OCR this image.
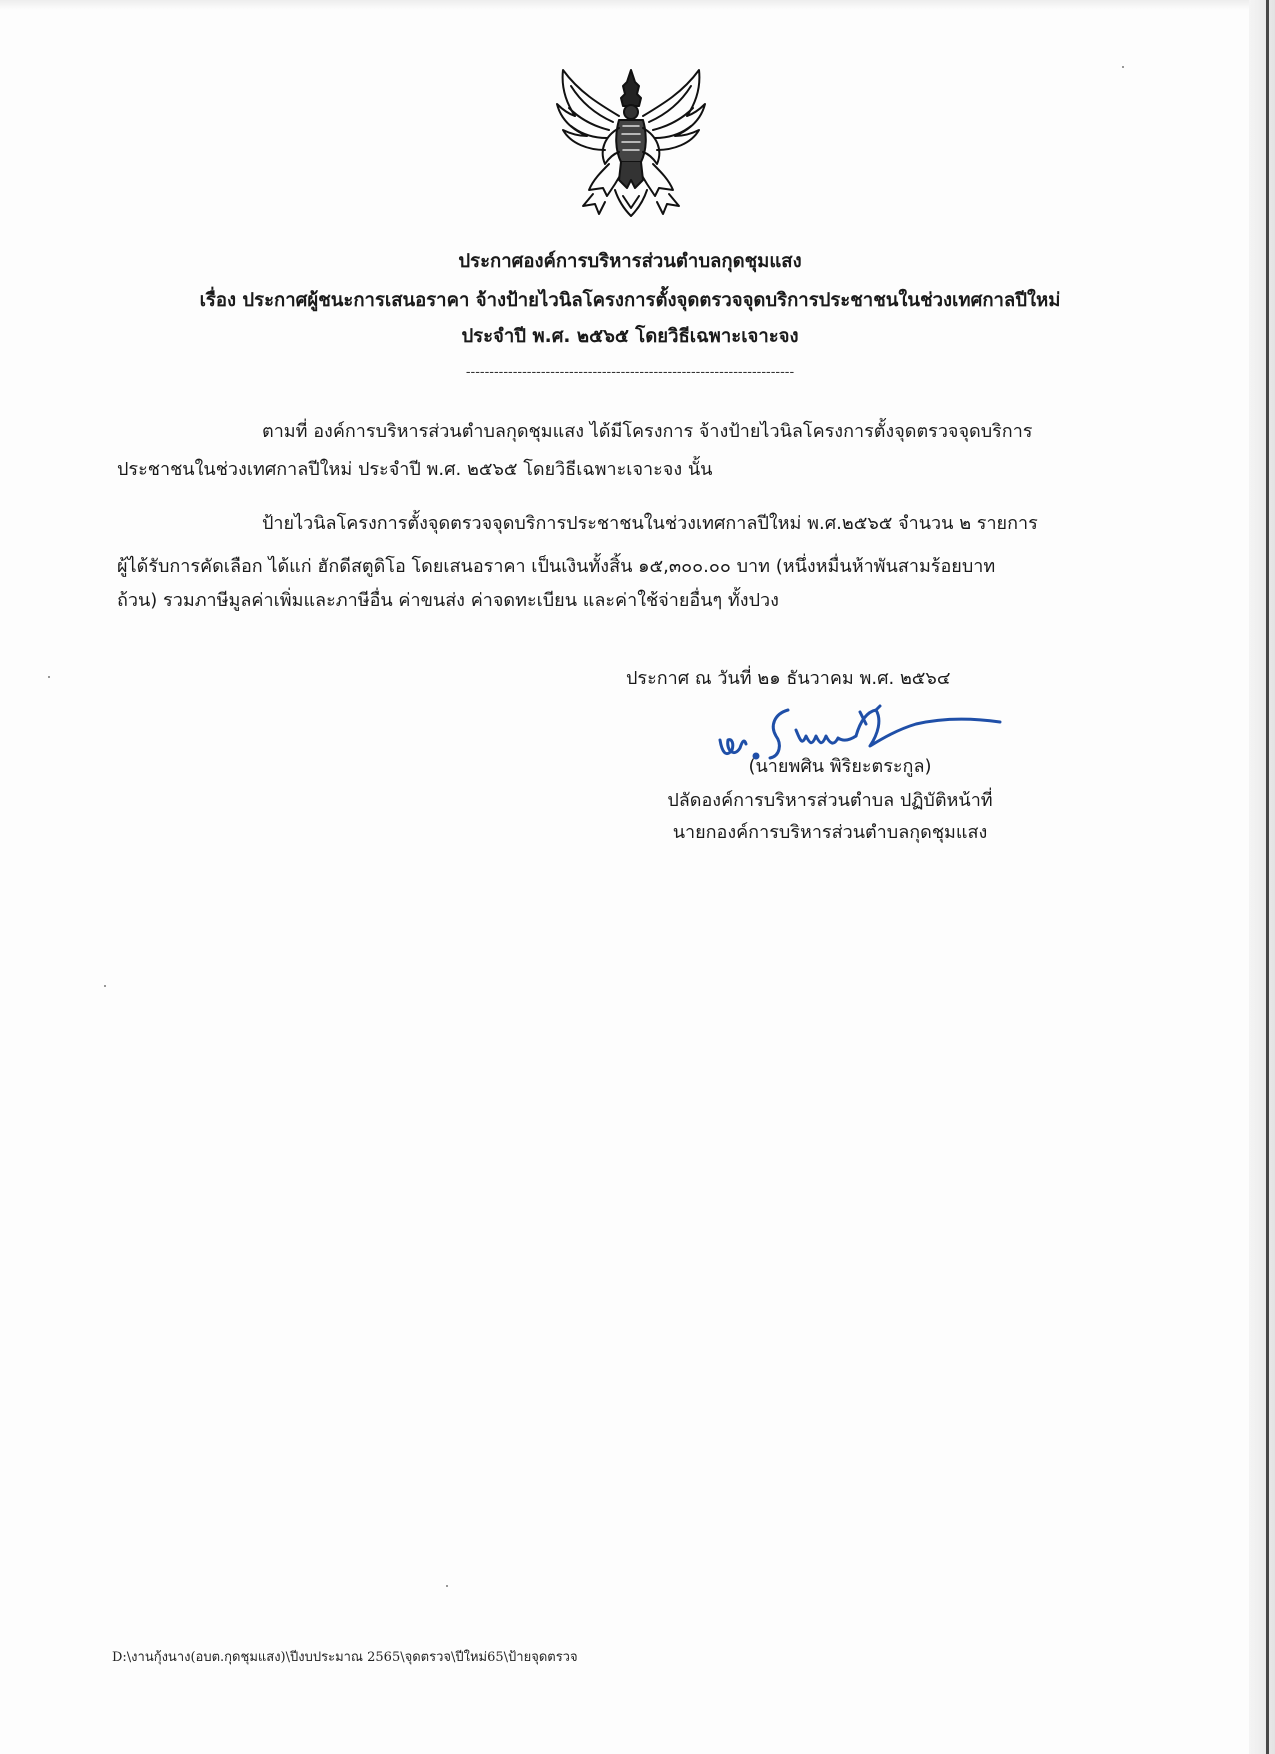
ประกาศองค์การบริหารส่วนตำบลกุดชุมแสง
เรื่อง ประกาศผู้ชนะการเสนอราคา จ้างป้ายไวนิลโครงการตั้งจุดตรวจจุดบริการประชาชนในช่วงเทศกาลปีใหม่
ประจำปี พ.ศ. ๒๕๖๕ โดยวิธีเฉพาะเจาะจง
----------------------------------------------------------------------
ตามที่ องค์การบริหารส่วนตำบลกุดชุมแสง ได้มีโครงการ จ้างป้ายไวนิลโครงการตั้งจุดตรวจจุดบริการ
ประชาชนในช่วงเทศกาลปีใหม่ ประจำปี พ.ศ. ๒๕๖๕ โดยวิธีเฉพาะเจาะจง นั้น
ป้ายไวนิลโครงการตั้งจุดตรวจจุดบริการประชาชนในช่วงเทศกาลปีใหม่ พ.ศ.๒๕๖๕ จำนวน ๒ รายการ
ผู้ได้รับการคัดเลือก ได้แก่ ฮักดีสตูดิโอ โดยเสนอราคา เป็นเงินทั้งสิ้น ๑๕,๓๐๐.๐๐ บาท (หนึ่งหมื่นห้าพันสามร้อยบาท
ถ้วน) รวมภาษีมูลค่าเพิ่มและภาษีอื่น ค่าขนส่ง ค่าจดทะเบียน และค่าใช้จ่ายอื่นๆ ทั้งปวง
ประกาศ ณ วันที่ ๒๑ ธันวาคม พ.ศ. ๒๕๖๔
(นายพศิน พิริยะตระกูล)
ปลัดองค์การบริหารส่วนตำบล ปฏิบัติหน้าที่
นายกองค์การบริหารส่วนตำบลกุดชุมแสง
D:\งานกุ้งนาง(อบต.กุดชุมแสง)\ปีงบประมาณ 2565\จุดตรวจ\ปีใหม่65\ป้ายจุดตรวจ
